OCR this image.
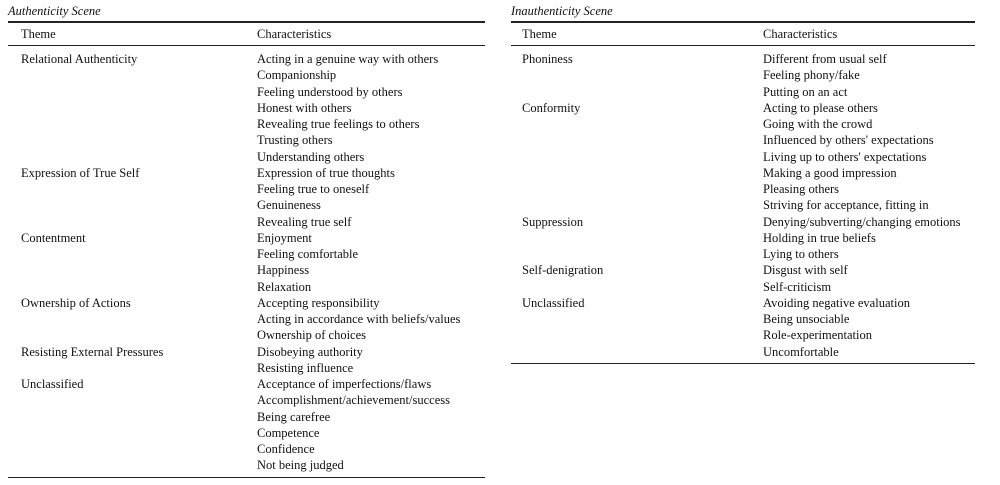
Authenticity Scene
Theme	Characteristics
Relational Authenticity	Acting in a genuine way with others
Companionship
Feeling understood by others
Honest with others
Revealing true feelings to others
Trusting others
Understanding others
Expression of True Self	Expression of true thoughts
Feeling true to oneself
Genuineness
Revealing true self
Contentment	Enjoyment
Feeling comfortable
Happiness
Relaxation
Ownership of Actions	Accepting responsibility
Acting in accordance with beliefs/values
Ownership of choices
Resisting External Pressures	Disobeying authority
Resisting influence
Unclassified	Acceptance of imperfections/flaws
Accomplishment/achievement/success
Being carefree
Competence
Confidence
Not being judged
Inauthenticity Scene
Theme	Characteristics
Phoniness	Different from usual self
Feeling phony/fake
Putting on an act
Conformity	Acting to please others
Going with the crowd
Influenced by others' expectations
Living up to others' expectations
Making a good impression
Pleasing others
Striving for acceptance, fitting in
Suppression	Denying/subverting/changing emotions
Holding in true beliefs
Lying to others
Self-denigration	Disgust with self
Self-criticism
Unclassified	Avoiding negative evaluation
Being unsociable
Role-experimentation
Uncomfortable
